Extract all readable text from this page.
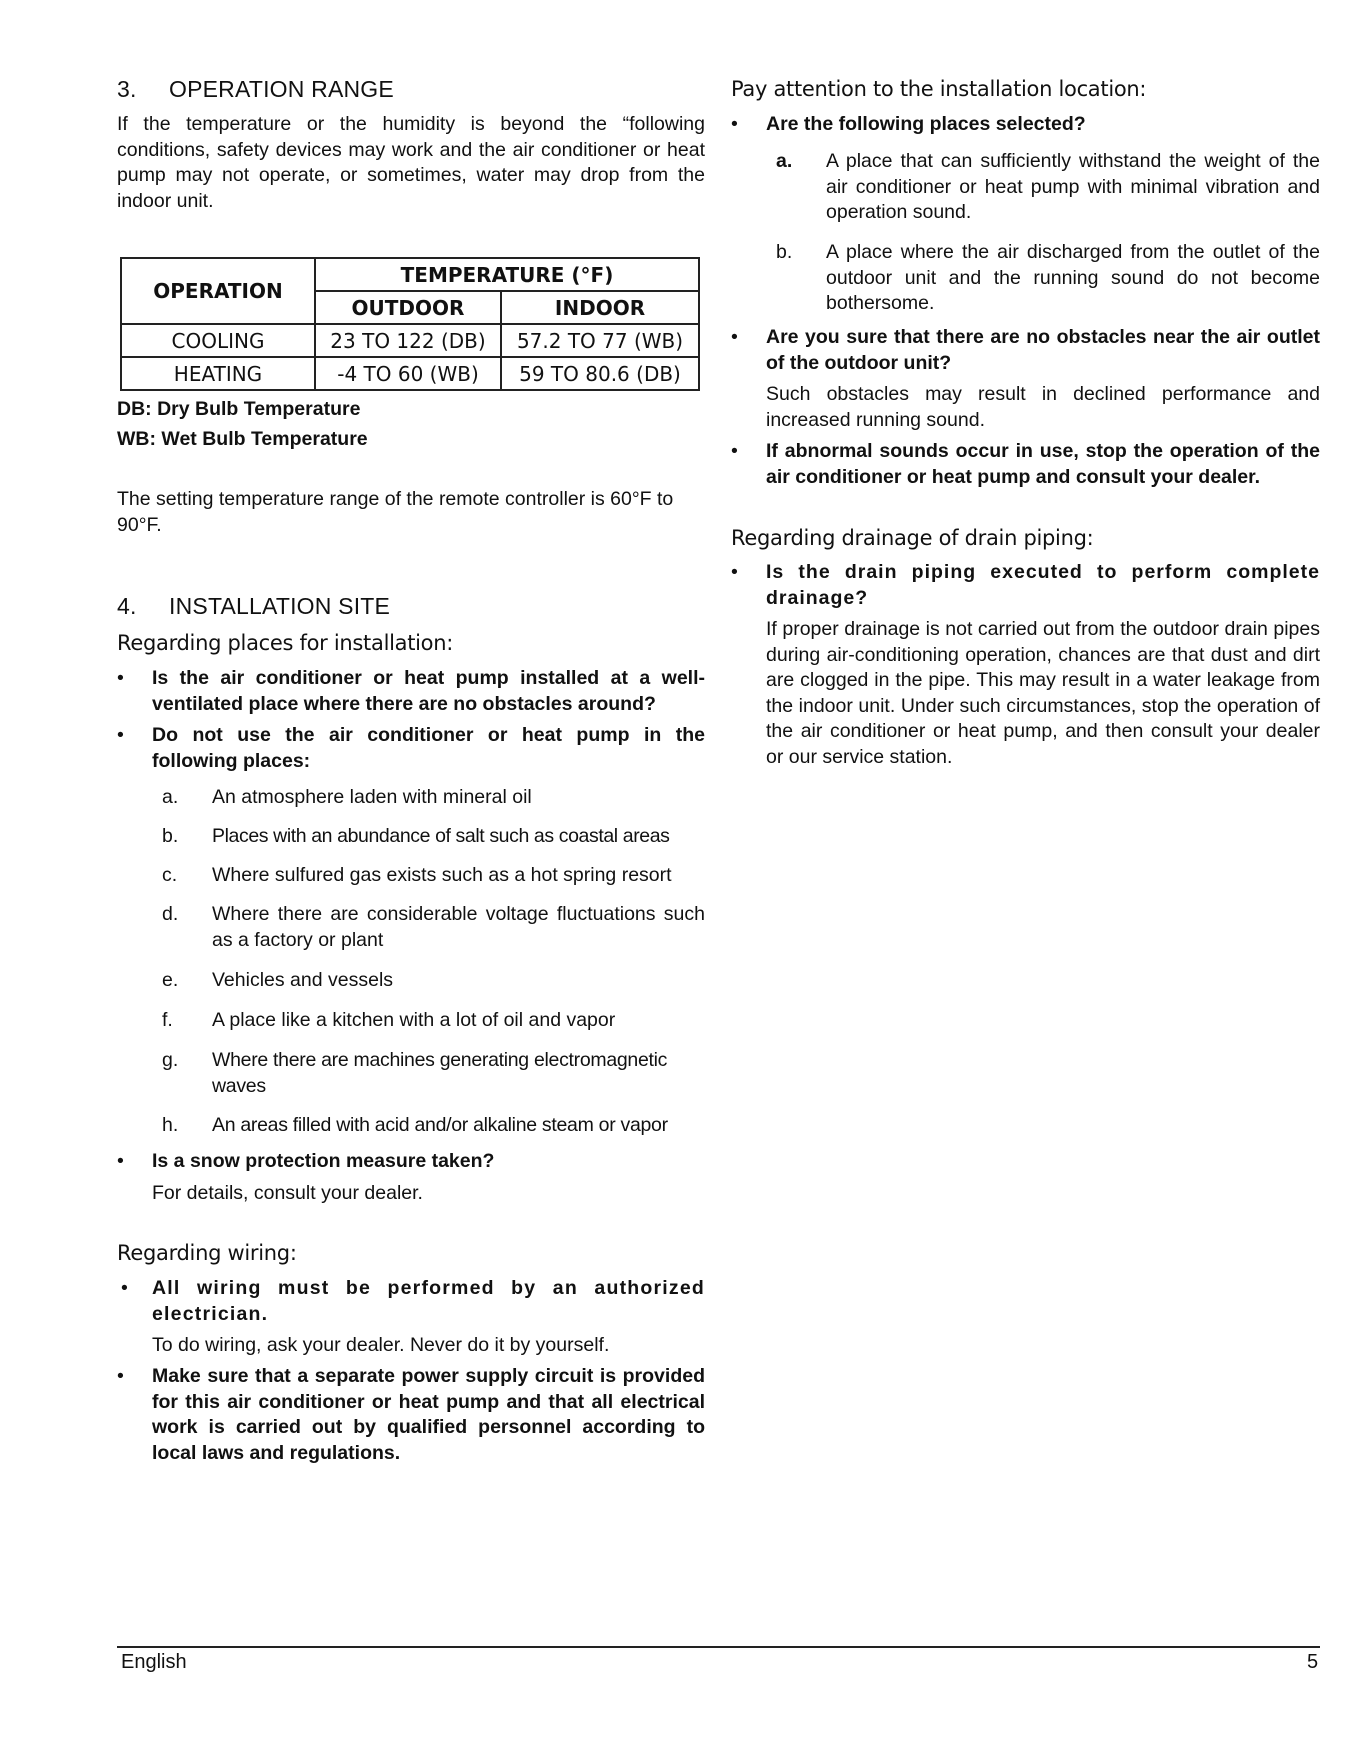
3. OPERATION RANGE

If the temperature or the humidity is beyond the “following conditions, safety devices may work and the air conditioner or heat pump may not operate, or sometimes, water may drop from the indoor unit.

OPERATION	TEMPERATURE (°F)	
	OUTDOOR	INDOOR
COOLING	23 TO 122 (DB)	57.2 TO 77 (WB)
HEATING	-4 TO 60 (WB)	59 TO 80.6 (DB)

DB: Dry Bulb Temperature

WB: Wet Bulb Temperature

The setting temperature range of the remote controller is 60°F to 90°F.

4. INSTALLATION SITE
Regarding places for installation:
• Is the air conditioner or heat pump installed at a well-ventilated place where there are no obstacles around?

• Do not use the air conditioner or heat pump in the following places:

a. An atmosphere laden with mineral oil
b. Places with an abundance of salt such as coastal areas
c. Where sulfured gas exists such as a hot spring resort
d. Where there are considerable voltage fluctuations such as a factory or plant

e. Vehicles and vessels
f. A place like a kitchen with a lot of oil and vapor
g. Where there are machines generating electromagnetic waves

h. An areas filled with acid and/or alkaline steam or vapor
• Is a snow protection measure taken?

For details, consult your dealer.

Regarding wiring:
• All wiring must be performed by an authorized electrician.

To do wiring, ask your dealer. Never do it by yourself.

• Make sure that a separate power supply circuit is provided for this air conditioner or heat pump and that all electrical work is carried out by qualified personnel according to local laws and regulations.

Pay attention to the installation location:
• Are the following places selected?

a. A place that can sufficiently withstand the weight of the air conditioner or heat pump with minimal vibration and operation sound.

b. A place where the air discharged from the outlet of the outdoor unit and the running sound do not become bothersome.

• Are you sure that there are no obstacles near the air outlet of the outdoor unit?

Such obstacles may result in declined performance and increased running sound.

• If abnormal sounds occur in use, stop the operation of the air conditioner or heat pump and consult your dealer.

Regarding drainage of drain piping:
• Is the drain piping executed to perform complete drainage?

If proper drainage is not carried out from the outdoor drain pipes during air-conditioning operation, chances are that dust and dirt are clogged in the pipe. This may result in a water leakage from the indoor unit. Under such circumstances, stop the operation of the air conditioner or heat pump, and then consult your dealer or our service station.

English	5
